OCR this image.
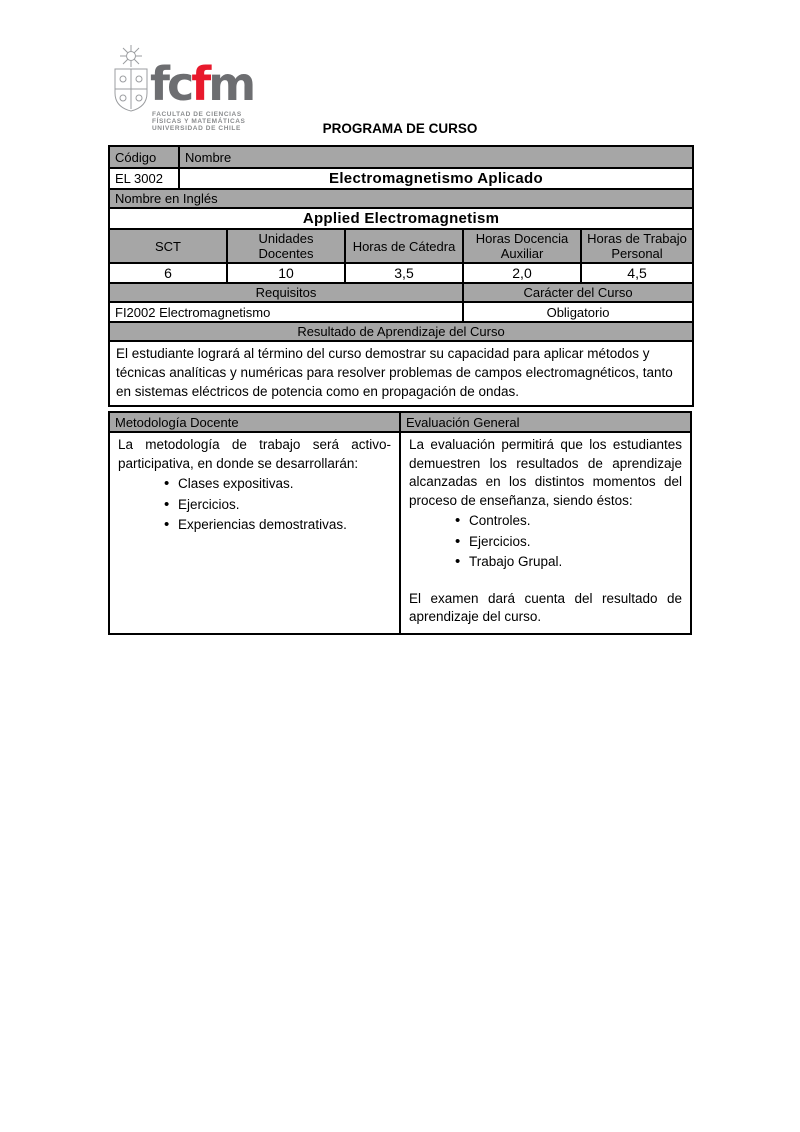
fcfm
FACULTAD DE CIENCIAS
FÍSICAS Y MATEMÁTICAS
UNIVERSIDAD DE CHILE	PROGRAMA DE CURSO
Código	Nombre				
EL 3002	Electromagnetismo Aplicado				
Nombre en Inglés					
Applied Electromagnetism					
SCT		Unidades Docentes	Horas de Cátedra	Horas Docencia Auxiliar	Horas de Trabajo Personal
6		10	3,5	2,0	4,5
Requisitos				Carácter del Curso	
FI2002 Electromagnetismo				Obligatorio	
Resultado de Aprendizaje del Curso					
El estudiante logrará al término del curso demostrar su capacidad para aplicar métodos y técnicas analíticas y numéricas para resolver problemas de campos electromagnéticos, tanto en sistemas eléctricos de potencia como en propagación de ondas.					
Metodología Docente	Evaluación General

La metodología de trabajo será activo-participativa, en donde se desarrollarán:
• Clases expositivas.
• Ejercicios.
• Experiencias demostrativas.

La evaluación permitirá que los estudiantes demuestren los resultados de aprendizaje alcanzadas en los distintos momentos del proceso de enseñanza, siendo éstos:
• Controles.
• Ejercicios.
• Trabajo Grupal.
El examen dará cuenta del resultado de aprendizaje del curso.
